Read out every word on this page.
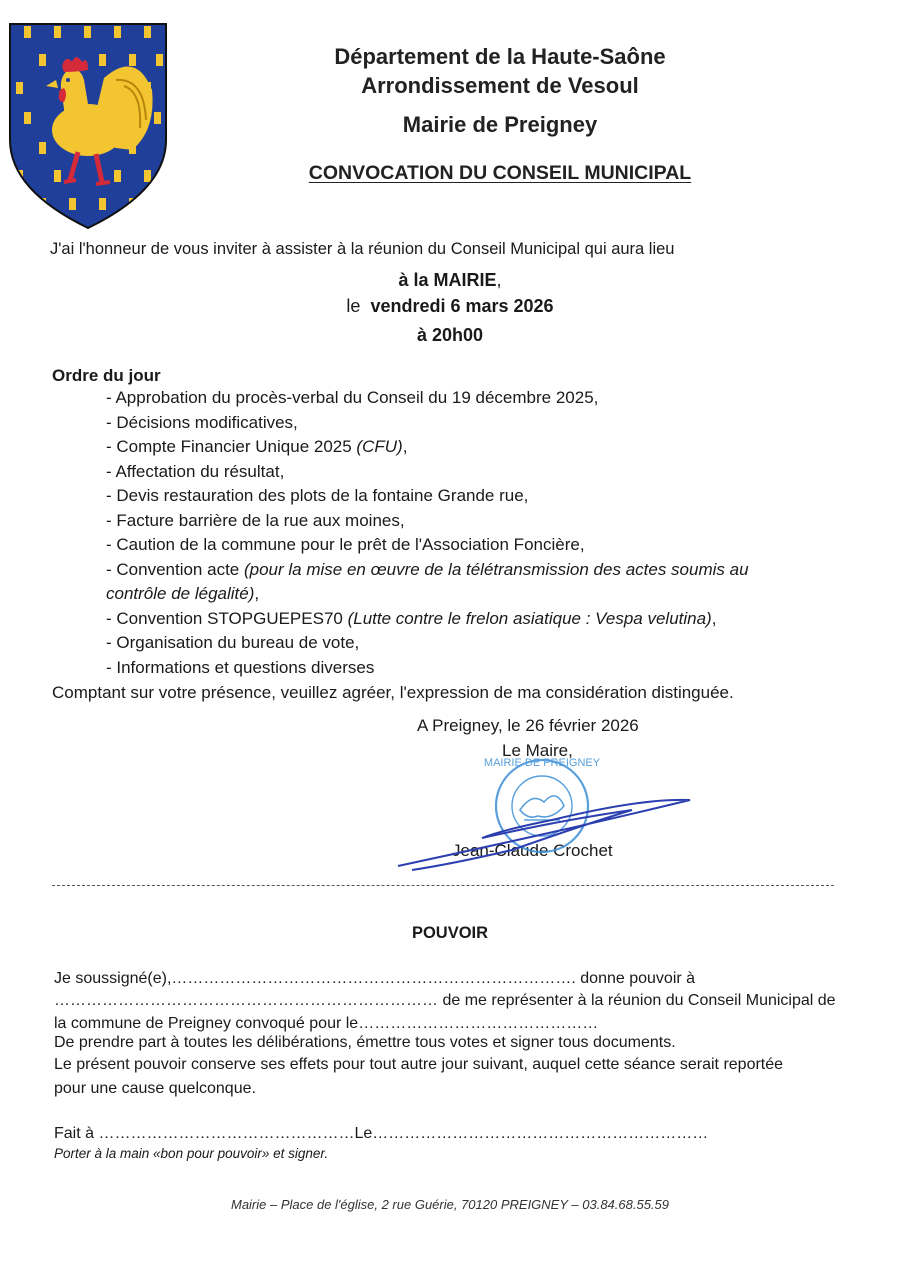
Département de la Haute-Saône
Arrondissement de Vesoul
Mairie de Preigney
CONVOCATION DU CONSEIL MUNICIPAL
J'ai l'honneur de vous inviter à assister à la réunion du Conseil Municipal qui aura lieu
à la MAIRIE,
le vendredi 6 mars 2026
à 20h00
Ordre du jour
- Approbation du procès-verbal du Conseil du 19 décembre 2025,
- Décisions modificatives,
- Compte Financier Unique 2025 (CFU),
- Affectation du résultat,
- Devis restauration des plots de la fontaine Grande rue,
- Facture barrière de la rue aux moines,
- Caution de la commune pour le prêt de l'Association Foncière,
- Convention acte (pour la mise en œuvre de la télétransmission des actes soumis au
contrôle de légalité),
- Convention STOPGUEPES70 (Lutte contre le frelon asiatique : Vespa velutina),
- Organisation du bureau de vote,
- Informations et questions diverses
Comptant sur votre présence, veuillez agréer, l'expression de ma considération distinguée.
A Preigney, le 26 février 2026
Le Maire,
Jean-Claude Crochet
MAIRIE DE PREIGNEY
POUVOIR
Je soussigné(e),…………………………………………………………………. donne pouvoir à
……………………………………………………………… de me représenter à la réunion du Conseil Municipal de
la commune de Preigney convoqué pour le………………………………………
De prendre part à toutes les délibérations, émettre tous votes et signer tous documents.
Le présent pouvoir conserve ses effets pour tout autre jour suivant, auquel cette séance serait reportée
pour une cause quelconque.
Fait à …………………………………………Le………………………………………………………
Porter à la main «bon pour pouvoir» et signer.
Mairie – Place de l'église, 2 rue Guérie, 70120 PREIGNEY – 03.84.68.55.59
